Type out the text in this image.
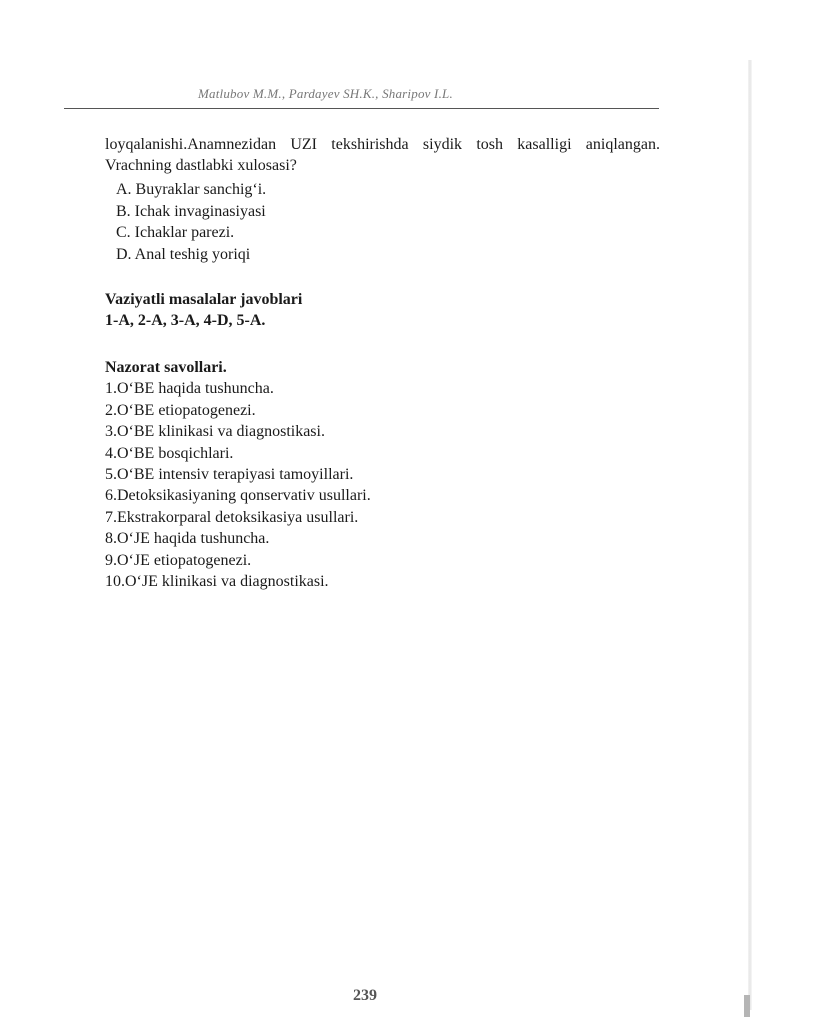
Matlubov M.M., Pardayev SH.K., Sharipov I.L.
loyqalanishi.Anamnezidan UZI tekshirishda siydik tosh kasalligi aniqlangan. Vrachning dastlabki xulosasi?
A. Buyraklar sanchig‘i.
B. Ichak invaginasiyasi
C. Ichaklar parezi.
D. Anal teshig yoriqi
Vaziyatli masalalar javoblari
1-A, 2-A, 3-A, 4-D, 5-A.
Nazorat savollari.
1.O‘BE haqida tushuncha.
2.O‘BE etiopatogenezi.
3.O‘BE klinikasi va diagnostikasi.
4.O‘BE bosqichlari.
5.O‘BE intensiv terapiyasi tamoyillari.
6.Detoksikasiyaning qonservativ usullari.
7.Ekstrakorparal detoksikasiya usullari.
8.O‘JE haqida tushuncha.
9.O‘JE etiopatogenezi.
10.O‘JE klinikasi va diagnostikasi.
239
